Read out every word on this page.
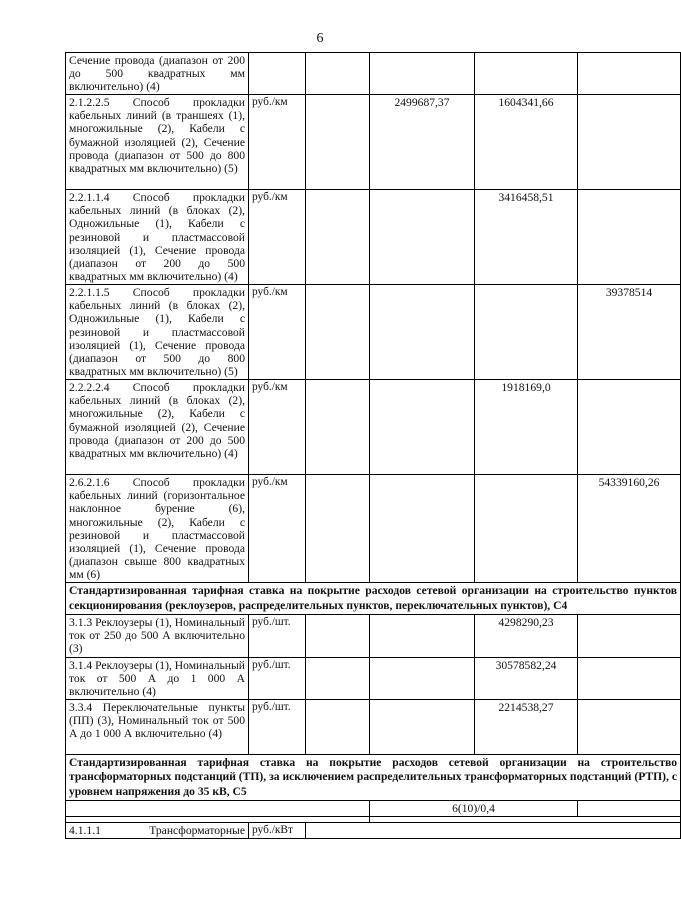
6
Сечение провода (диапазон от 200 до 500 квадратных мм включительно) (4)					
2.1.2.2.5 Способ прокладки кабельных линий (в траншеях (1), многожильные (2), Кабели с бумажной изоляцией (2), Сечение провода (диапазон от 500 до 800 квадратных мм включительно) (5)	руб./км		2499687,37	1604341,66	
2.2.1.1.4 Способ прокладки кабельных линий (в блоках (2), Одножильные (1), Кабели с резиновой и пластмассовой изоляцией (1), Сечение провода (диапазон от 200 до 500 квадратных мм включительно) (4)	руб./км			3416458,51	
2.2.1.1.5 Способ прокладки кабельных линий (в блоках (2), Одножильные (1), Кабели с резиновой и пластмассовой изоляцией (1), Сечение провода (диапазон от 500 до 800 квадратных мм включительно) (5)	руб./км				39378514
2.2.2.2.4 Способ прокладки кабельных линий (в блоках (2), многожильные (2), Кабели с бумажной изоляцией (2), Сечение провода (диапазон от 200 до 500 квадратных мм включительно) (4)	руб./км			1918169,0	
2.6.2.1.6 Способ прокладки кабельных линий (горизонтальное наклонное бурение (6), многожильные (2), Кабели с резиновой и пластмассовой изоляцией (1), Сечение провода (диапазон свыше 800 квадратных мм (6)	руб./км				54339160,26
Стандартизированная тарифная ставка на покрытие расходов сетевой организации на строительство пунктов секционирования (реклоузеров, распределительных пунктов, переключательных пунктов), С4					
3.1.3 Реклоузеры (1), Номинальный ток от 250 до 500 А включительно (3)	руб./шт.			4298290,23	
3.1.4 Реклоузеры (1), Номинальный ток от 500 А до 1 000 А включительно (4)	руб./шт.			30578582,24	
3.3.4 Переключательные пункты (ПП) (3), Номинальный ток от 500 А до 1 000 А включительно (4)	руб./шт.			2214538,27	
Стандартизированная тарифная ставка на покрытие расходов сетевой организации на строительство трансформаторных подстанций (ТП), за исключением распределительных трансформаторных подстанций (РТП), с уровнем напряжения до 35 кВ, С5					
			6(10)/0,4		

4.1.1.1 Трансформаторные	руб./кВт				
